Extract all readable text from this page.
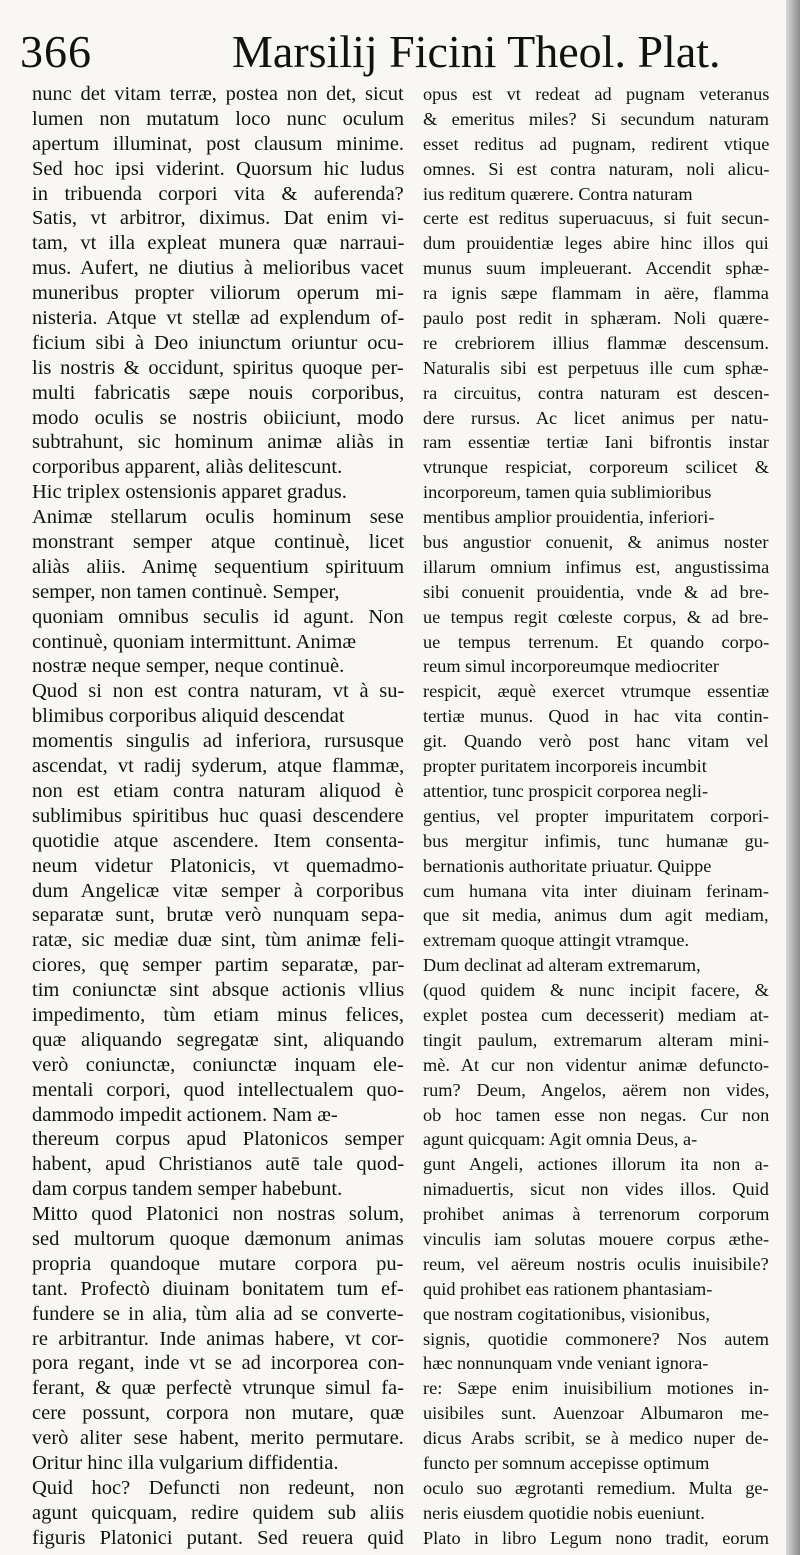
366	Marsilij Ficini Theol. Plat.
nunc det vitam terræ, postea non det, sicut
lumen non mutatum loco nunc oculum
apertum illuminat, post clausum minime.
Sed hoc ipsi viderint. Quorsum hic ludus
in tribuenda corpori vita & auferenda?
Satis, vt arbitror, diximus. Dat enim vi-
tam, vt illa expleat munera quæ narraui-
mus. Aufert, ne diutius à melioribus vacet
muneribus propter viliorum operum mi-
nisteria. Atque vt stellæ ad explendum of-
ficium sibi à Deo iniunctum oriuntur ocu-
lis nostris & occidunt, spiritus quoque per-
multi fabricatis sæpe nouis corporibus,
modo oculis se nostris obiiciunt, modo
subtrahunt, sic hominum animæ aliàs in
corporibus apparent, aliàs delitescunt.
Hic triplex ostensionis apparet gradus.
Animæ stellarum oculis hominum sese
monstrant semper atque continuè, licet
aliàs aliis. Animę sequentium spirituum
semper, non tamen continuè. Semper,
quoniam omnibus seculis id agunt. Non
continuè, quoniam intermittunt. Animæ
nostræ neque semper, neque continuè.
Quod si non est contra naturam, vt à su-
blimibus corporibus aliquid descendat
momentis singulis ad inferiora, rursusque
ascendat, vt radij syderum, atque flammæ,
non est etiam contra naturam aliquod è
sublimibus spiritibus huc quasi descendere
quotidie atque ascendere. Item consenta-
neum videtur Platonicis, vt quemadmo-
dum Angelicæ vitæ semper à corporibus
separatæ sunt, brutæ verò nunquam sepa-
ratæ, sic mediæ duæ sint, tùm animæ feli-
ciores, quę semper partim separatæ, par-
tim coniunctæ sint absque actionis vllius
impedimento, tùm etiam minus felices,
quæ aliquando segregatæ sint, aliquando
verò coniunctæ, coniunctæ inquam ele-
mentali corpori, quod intellectualem quo-
dammodo impedit actionem. Nam æ-
thereum corpus apud Platonicos semper
habent, apud Christianos autē tale quod-
dam corpus tandem semper habebunt.
Mitto quod Platonici non nostras solum,
sed multorum quoque dæmonum animas
propria quandoque mutare corpora pu-
tant. Profectò diuinam bonitatem tum ef-
fundere se in alia, tùm alia ad se converte-
re arbitrantur. Inde animas habere, vt cor-
pora regant, inde vt se ad incorporea con-
ferant, & quæ perfectè vtrunque simul fa-
cere possunt, corpora non mutare, quæ
verò aliter sese habent, merito permutare.
Oritur hinc illa vulgarium diffidentia.
Quid hoc? Defuncti non redeunt, non
agunt quicquam, redire quidem sub aliis
figuris Platonici putant. Sed reuera quid
opus est vt redeat ad pugnam veteranus
& emeritus miles? Si secundum naturam
esset reditus ad pugnam, redirent vtique
omnes. Si est contra naturam, noli alicu-
ius reditum quærere. Contra naturam
certe est reditus superuacuus, si fuit secun-
dum prouidentiæ leges abire hinc illos qui
munus suum impleuerant. Accendit sphæ-
ra ignis sæpe flammam in aëre, flamma
paulo post redit in sphæram. Noli quære-
re crebriorem illius flammæ descensum.
Naturalis sibi est perpetuus ille cum sphæ-
ra circuitus, contra naturam est descen-
dere rursus. Ac licet animus per natu-
ram essentiæ tertiæ Iani bifrontis instar
vtrunque respiciat, corporeum scilicet &
incorporeum, tamen quia sublimioribus
mentibus amplior prouidentia, inferiori-
bus angustior conuenit, & animus noster
illarum omnium infimus est, angustissima
sibi conuenit prouidentia, vnde & ad bre-
ue tempus regit cœleste corpus, & ad bre-
ue tempus terrenum. Et quando corpo-
reum simul incorporeumque mediocriter
respicit, æquè exercet vtrumque essentiæ
tertiæ munus. Quod in hac vita contin-
git. Quando verò post hanc vitam vel
propter puritatem incorporeis incumbit
attentior, tunc prospicit corporea negli-
gentius, vel propter impuritatem corpori-
bus mergitur infimis, tunc humanæ gu-
bernationis authoritate priuatur. Quippe
cum humana vita inter diuinam ferinam-
que sit media, animus dum agit mediam,
extremam quoque attingit vtramque.
Dum declinat ad alteram extremarum,
(quod quidem & nunc incipit facere, &
explet postea cum decesserit) mediam at-
tingit paulum, extremarum alteram mini-
mè. At cur non videntur animæ defuncto-
rum? Deum, Angelos, aërem non vides,
ob hoc tamen esse non negas. Cur non
agunt quicquam: Agit omnia Deus, a-
gunt Angeli, actiones illorum ita non a-
nimaduertis, sicut non vides illos. Quid
prohibet animas à terrenorum corporum
vinculis iam solutas mouere corpus æthe-
reum, vel aëreum nostris oculis inuisibile?
quid prohibet eas rationem phantasiam-
que nostram cogitationibus, visionibus,
signis, quotidie commonere? Nos autem
hæc nonnunquam vnde veniant ignora-
re: Sæpe enim inuisibilium motiones in-
uisibiles sunt. Auenzoar Albumaron me-
dicus Arabs scribit, se à medico nuper de-
functo per somnum accepisse optimum
oculo suo ægrotanti remedium. Multa ge-
neris eiusdem quotidie nobis eueniunt.
Plato in libro Legum nono tradit, eorum
